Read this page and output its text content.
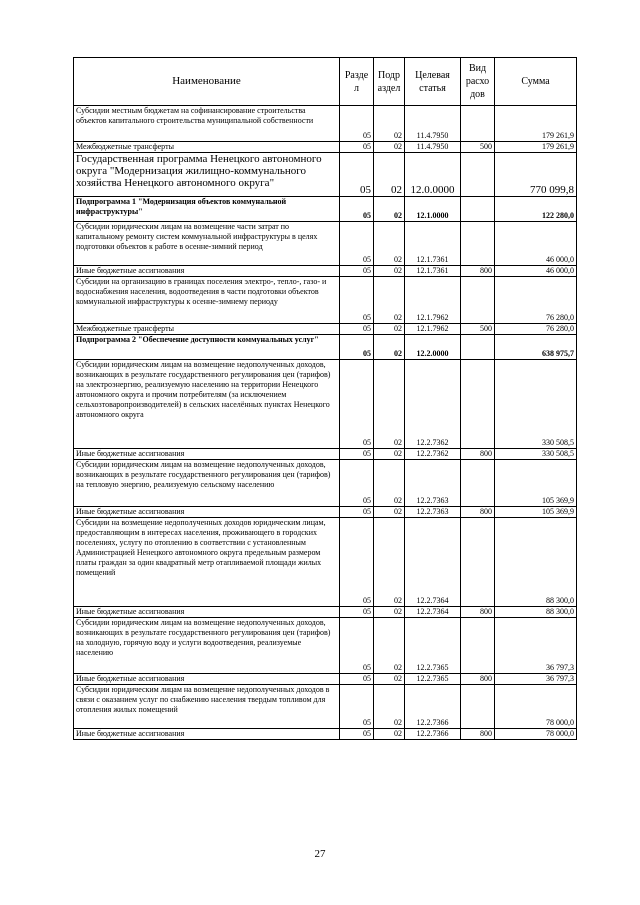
Наименование	Разде л	Подр аздел	Целевая статья	Вид расхо дов	Сумма
Субсидии местным бюджетам на софинансирование строительства объектов капитального строительства муниципальной собственности	05	02	11.4.7950		179 261,9
Межбюджетные трансферты	05	02	11.4.7950	500	179 261,9
Государственная программа Ненецкого автономного округа "Модернизация жилищно-коммунального хозяйства Ненецкого автономного округа"	05	02	12.0.0000		770 099,8
Подпрограмма 1 "Модернизация объектов коммунальной инфраструктуры"	05	02	12.1.0000		122 280,0
Субсидии юридическим лицам на возмещение части затрат по капитальному ремонту систем коммунальной инфраструктуры в целях подготовки объектов к работе в осенне-зимний период	05	02	12.1.7361		46 000,0
Иные бюджетные ассигнования	05	02	12.1.7361	800	46 000,0
Субсидии на организацию в границах поселения электро-, тепло-, газо- и водоснабжения населения, водоотведения в части подготовки объектов коммунальной инфраструктуры к осенне-зимнему периоду	05	02	12.1.7962		76 280,0
Межбюджетные трансферты	05	02	12.1.7962	500	76 280,0
Подпрограмма 2 "Обеспечение доступности коммунальных услуг"	05	02	12.2.0000		638 975,7
Субсидии юридическим лицам на возмещение недополученных доходов, возникающих в результате государственного регулирования цен (тарифов) на электроэнергию, реализуемую населению на территории Ненецкого автономного округа и прочим потребителям (за исключением сельхозтоваропроизводителей) в сельских населённых пунктах Ненецкого автономного округа	05	02	12.2.7362		330 508,5
Иные бюджетные ассигнования	05	02	12.2.7362	800	330 508,5
Субсидии юридическим лицам на возмещение недополученных доходов, возникающих в результате государственного регулирования цен (тарифов) на тепловую энергию, реализуемую сельскому населению	05	02	12.2.7363		105 369,9
Иные бюджетные ассигнования	05	02	12.2.7363	800	105 369,9
Субсидии на возмещение недополученных доходов юридическим лицам, предоставляющим в интересах населения, проживающего в городских поселениях, услугу по отоплению в соответствии с установленным Администрацией Ненецкого автономного округа предельным размером платы граждан за один квадратный метр отапливаемой площади жилых помещений	05	02	12.2.7364		88 300,0
Иные бюджетные ассигнования	05	02	12.2.7364	800	88 300,0
Субсидии юридическим лицам на возмещение недополученных доходов, возникающих в результате государственного регулирования цен (тарифов) на холодную, горячую воду и услуги водоотведения, реализуемые населению	05	02	12.2.7365		36 797,3
Иные бюджетные ассигнования	05	02	12.2.7365	800	36 797,3
Субсидии юридическим лицам на возмещение недополученных доходов в связи с оказанием услуг по снабжению населения твердым топливом для отопления жилых помещений	05	02	12.2.7366		78 000,0
Иные бюджетные ассигнования	05	02	12.2.7366	800	78 000,0
27
